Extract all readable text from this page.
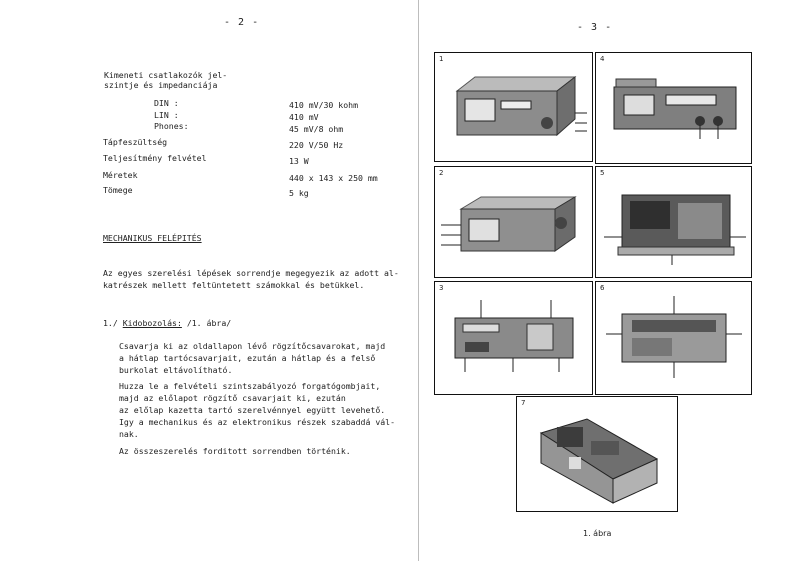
- 2 -
Kimeneti csatlakozók jel-
szintje és impedanciája
DIN :	410 mV/30 kohm
LIN :	410 mV
Phones:	45 mV/8 ohm
Tápfeszültség	220 V/50 Hz
Teljesítmény felvétel	13 W
Méretek	440 x 143 x 250 mm
Tömege	5 kg
MECHANIKUS FELÉPITÉS
Az egyes szerelési lépések sorrendje megegyezik az adott al-
katrészek mellett feltüntetett számokkal és betükkel.
1./ Kidobozolás: /1. ábra/
Csavarja ki az oldallapon lévő rögzítőcsavarokat, majd
a hátlap tartócsavarjait, ezután a hátlap és a felső
burkolat eltávolítható.
Huzza le a felvételi szintszabályozó forgatógombjait,
majd az előlapot rögzítő csavarjait ki, ezután
az előlap kazetta tartó szerelvénnyel együtt levehető.
Igy a mechanikus és az elektronikus részek szabaddá vál-
nak.
Az összeszerelés forditott sorrendben történik.
- 3 -
1	4
2	5
3	6
7
1. ábra
